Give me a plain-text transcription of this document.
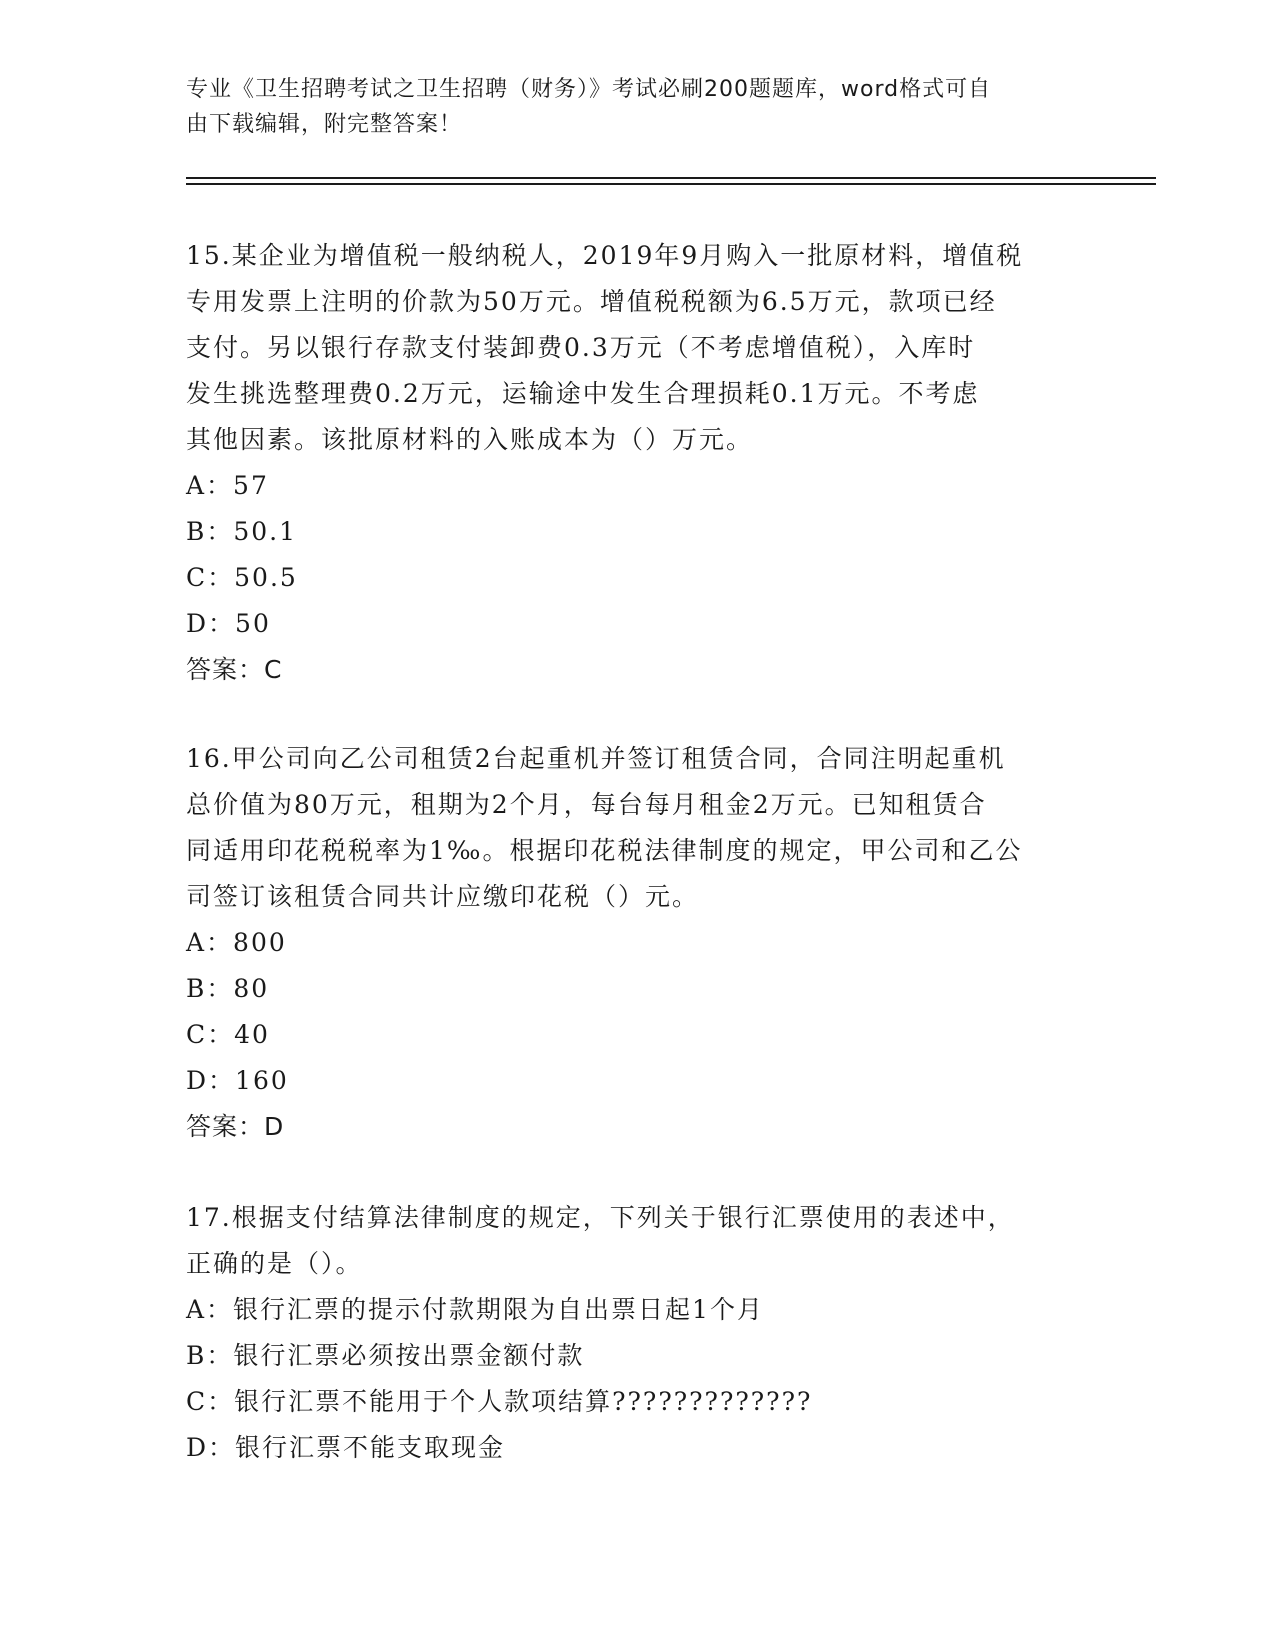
专业《卫生招聘考试之卫生招聘（财务）》考试必刷200题题库，word格式可自
由下载编辑，附完整答案！

15.某企业为增值税一般纳税人，2019年9月购入一批原材料，增值税

专用发票上注明的价款为50万元。增值税税额为6.5万元，款项已经

支付。另以银行存款支付装卸费0.3万元（不考虑增值税），入库时

发生挑选整理费0.2万元，运输途中发生合理损耗0.1万元。不考虑

其他因素。该批原材料的入账成本为（）万元。

A：57

B：50.1

C：50.5

D：50

答案：C

16.甲公司向乙公司租赁2台起重机并签订租赁合同，合同注明起重机

总价值为80万元，租期为2个月，每台每月租金2万元。已知租赁合

同适用印花税税率为1‰。根据印花税法律制度的规定，甲公司和乙公

司签订该租赁合同共计应缴印花税（）元。

A：800

B：80

C：40

D：160

答案：D

17.根据支付结算法律制度的规定，下列关于银行汇票使用的表述中，

正确的是（）。

A：银行汇票的提示付款期限为自出票日起1个月

B：银行汇票必须按出票金额付款

C：银行汇票不能用于个人款项结算?????????????

D：银行汇票不能支取现金
